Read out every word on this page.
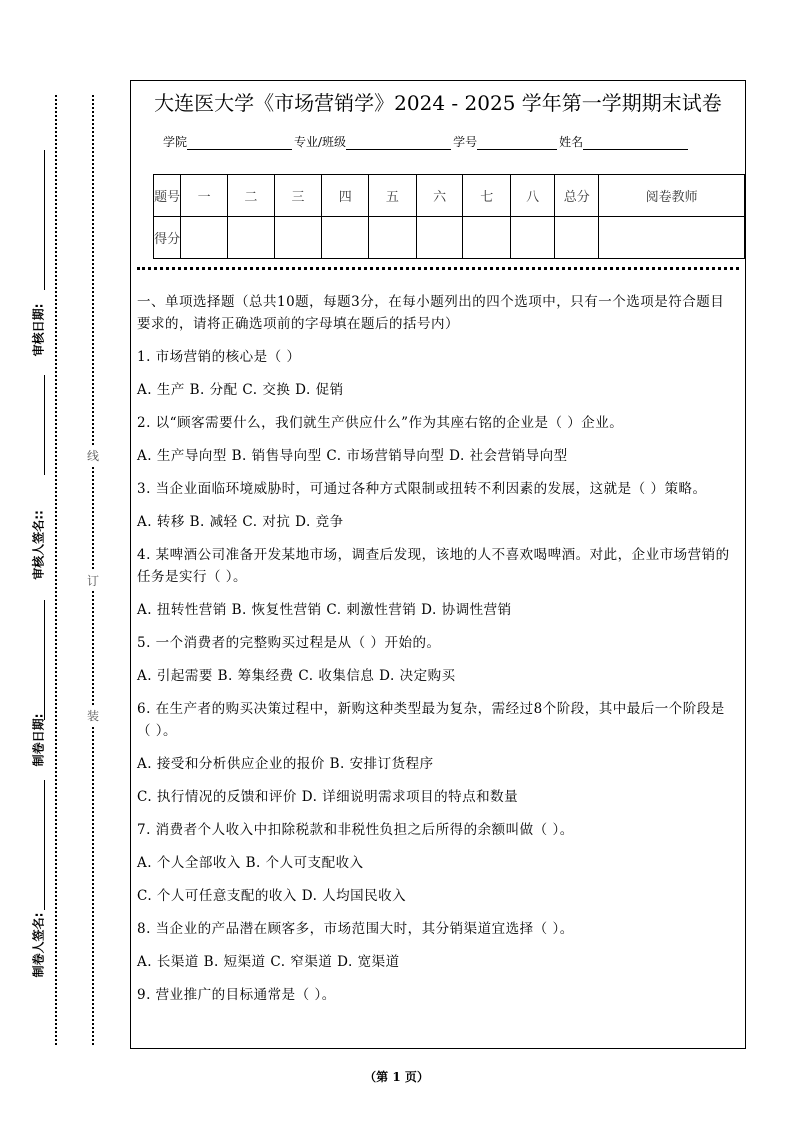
审核日期:
审核人签名::
制卷日期:
制卷人签名:
线
订
装
大连医大学《市场营销学》2024 - 2025 学年第一学期期末试卷
学院	专业/班级	学号	姓名
题号	一	二	三	四	五	六	七	八	总分	阅卷教师
得分										

一、单项选择题（总共10题，每题3分，在每小题列出的四个选项中，只有一个选项是符合题目要求的，请将正确选项前的字母填在题后的括号内）

1. 市场营销的核心是（ ）

A. 生产 B. 分配 C. 交换 D. 促销

2. 以“顾客需要什么，我们就生产供应什么”作为其座右铭的企业是（ ）企业。

A. 生产导向型 B. 销售导向型 C. 市场营销导向型 D. 社会营销导向型

3. 当企业面临环境威胁时，可通过各种方式限制或扭转不利因素的发展，这就是（ ）策略。

A. 转移 B. 减轻 C. 对抗 D. 竞争

4. 某啤酒公司准备开发某地市场，调查后发现，该地的人不喜欢喝啤酒。对此，企业市场营销的任务是实行（ ）。

A. 扭转性营销 B. 恢复性营销 C. 刺激性营销 D. 协调性营销

5. 一个消费者的完整购买过程是从（ ）开始的。

A. 引起需要 B. 筹集经费 C. 收集信息 D. 决定购买

6. 在生产者的购买决策过程中，新购这种类型最为复杂，需经过8个阶段，其中最后一个阶段是（ ）。

A. 接受和分析供应企业的报价 B. 安排订货程序

C. 执行情况的反馈和评价 D. 详细说明需求项目的特点和数量

7. 消费者个人收入中扣除税款和非税性负担之后所得的余额叫做（ ）。

A. 个人全部收入 B. 个人可支配收入

C. 个人可任意支配的收入 D. 人均国民收入

8. 当企业的产品潜在顾客多，市场范围大时，其分销渠道宜选择（ ）。

A. 长渠道 B. 短渠道 C. 窄渠道 D. 宽渠道

9. 营业推广的目标通常是（ ）。

（第 1 页）
